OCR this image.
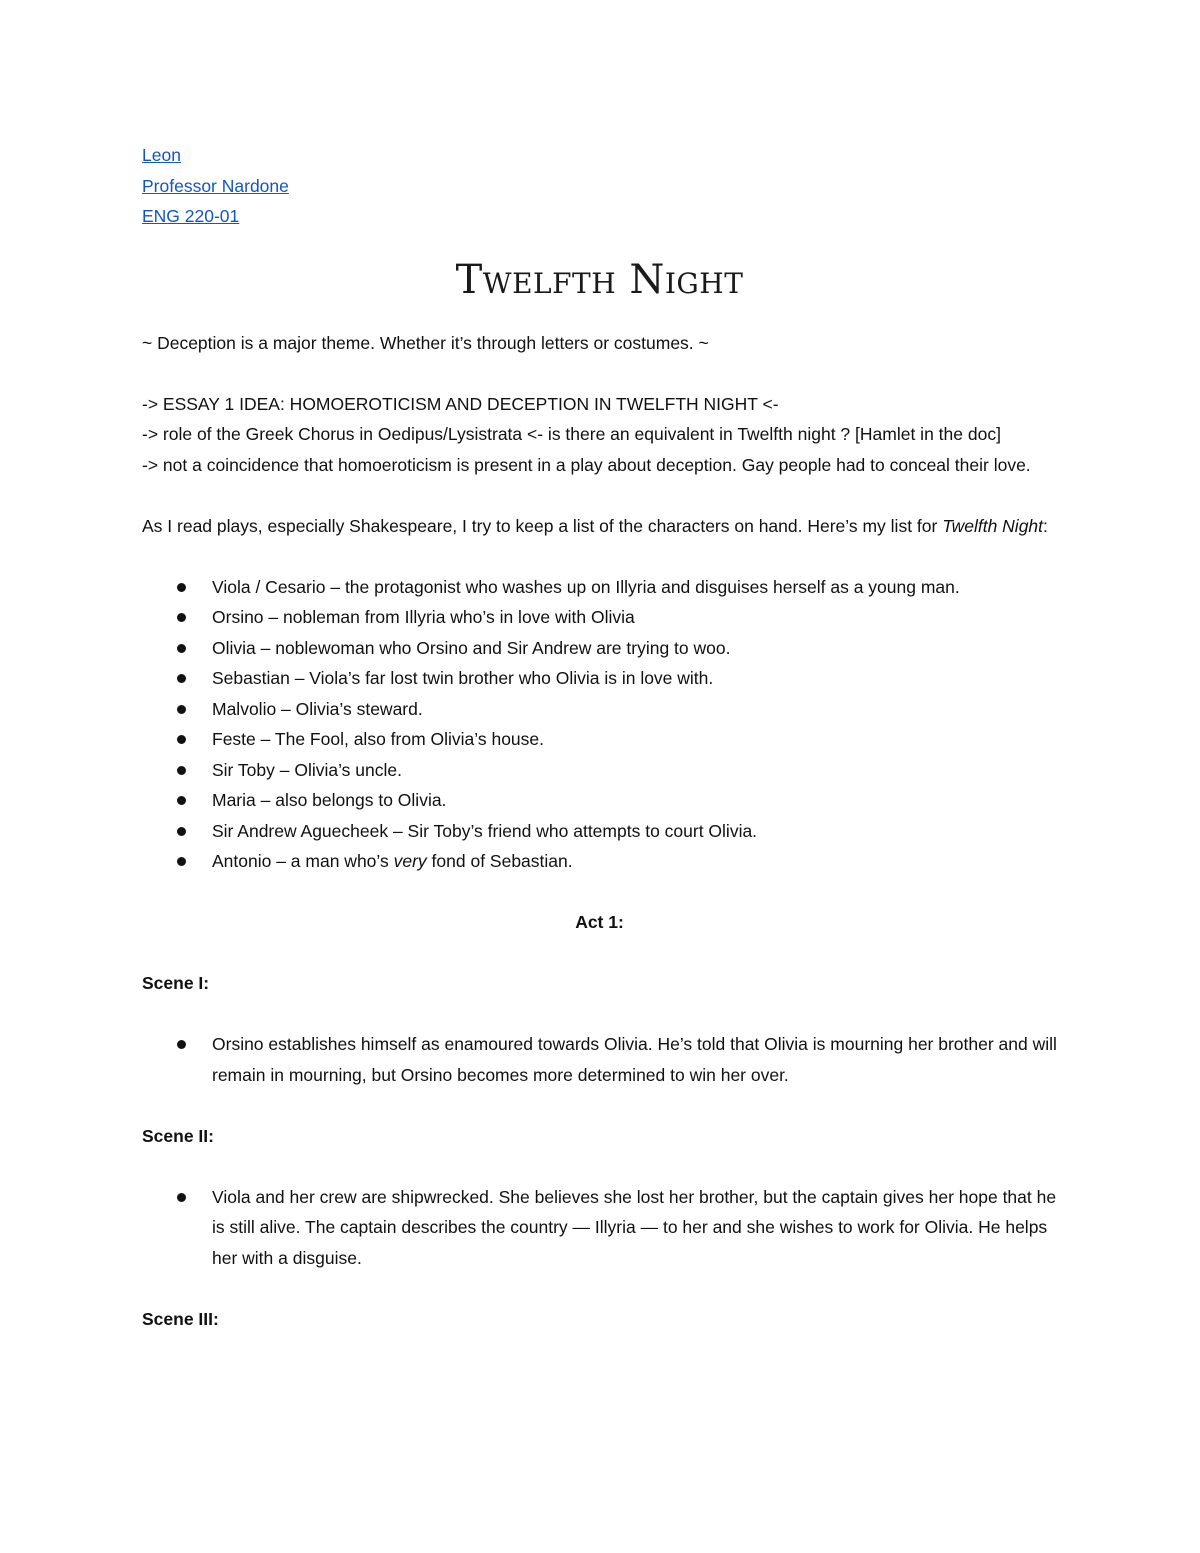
Leon
Professor Nardone
ENG 220-01
Twelfth Night

~ Deception is a major theme. Whether it’s through letters or costumes. ~

-> ESSAY 1 IDEA: HOMOEROTICISM AND DECEPTION IN TWELFTH NIGHT <-

-> role of the Greek Chorus in Oedipus/Lysistrata <- is there an equivalent in Twelfth night ? [Hamlet in the doc]

-> not a coincidence that homoeroticism is present in a play about deception. Gay people had to conceal their love.

As I read plays, especially Shakespeare, I try to keep a list of the characters on hand. Here’s my list for Twelfth Night:

Viola / Cesario – the protagonist who washes up on Illyria and disguises herself as a young man.
Orsino – nobleman from Illyria who’s in love with Olivia
Olivia – noblewoman who Orsino and Sir Andrew are trying to woo.
Sebastian – Viola’s far lost twin brother who Olivia is in love with.
Malvolio – Olivia’s steward.
Feste – The Fool, also from Olivia’s house.
Sir Toby – Olivia’s uncle.
Maria – also belongs to Olivia.
Sir Andrew Aguecheek – Sir Toby’s friend who attempts to court Olivia.
Antonio – a man who’s very fond of Sebastian.

Act 1:

Scene I:

Orsino establishes himself as enamoured towards Olivia. He’s told that Olivia is mourning her brother and will remain in mourning, but Orsino becomes more determined to win her over.

Scene II:

Viola and her crew are shipwrecked. She believes she lost her brother, but the captain gives her hope that he is still alive. The captain describes the country — Illyria — to her and she wishes to work for Olivia. He helps her with a disguise.

Scene III:
